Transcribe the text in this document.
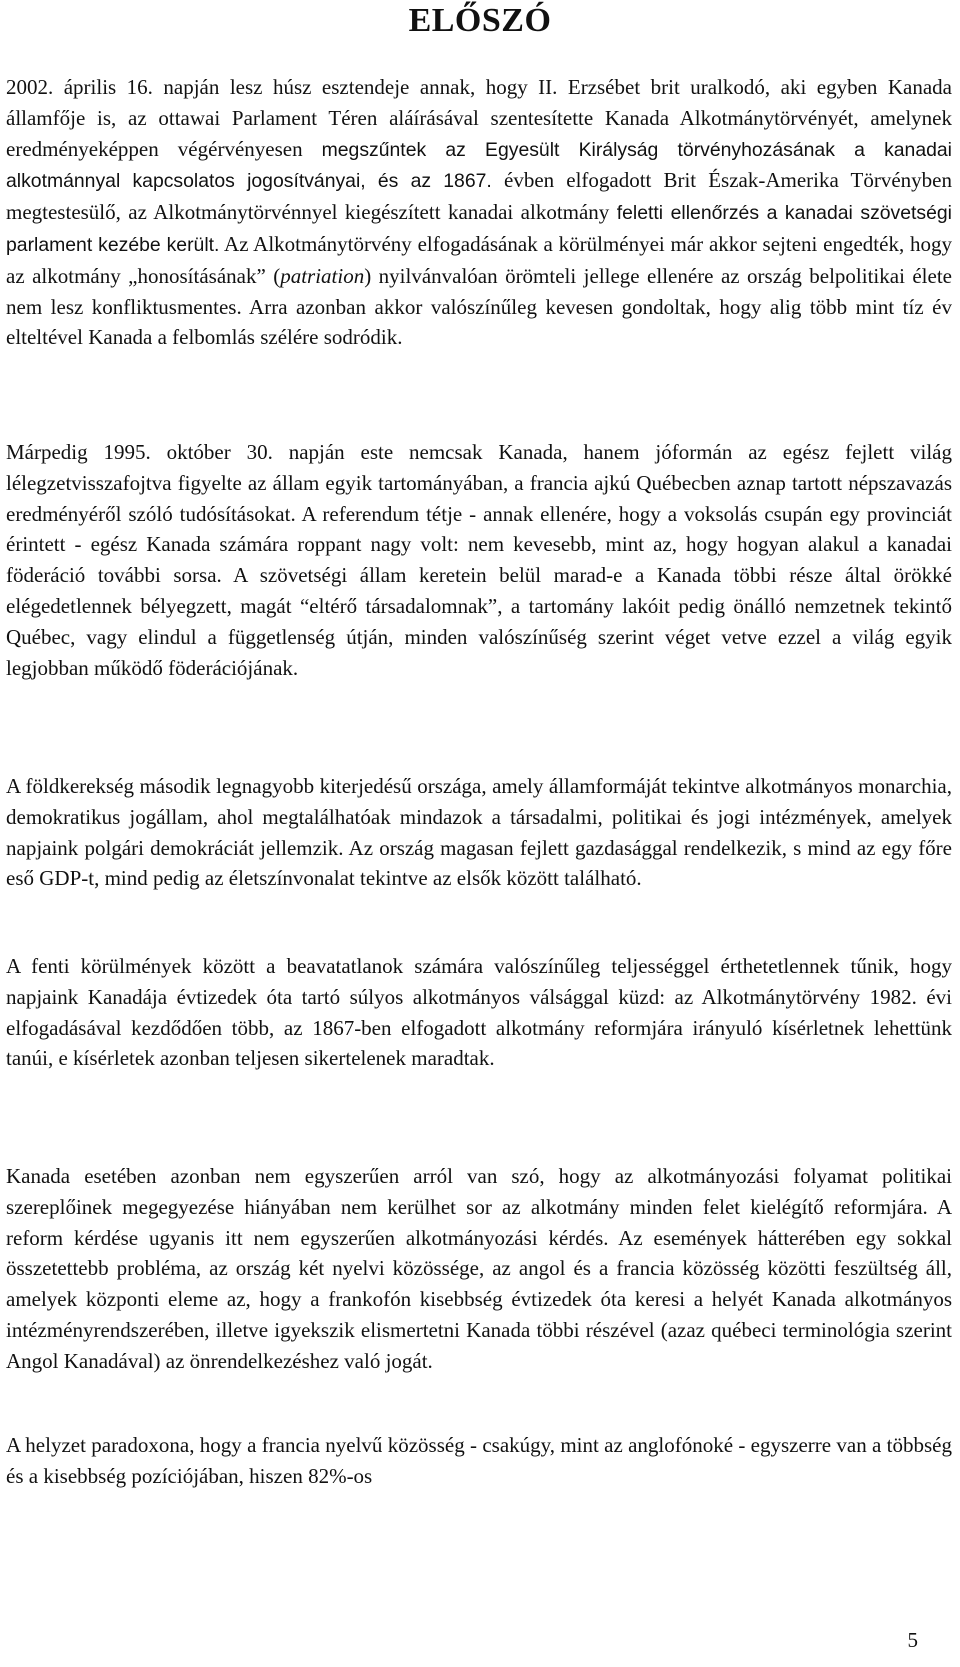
ELŐSZÓ

2002. április 16. napján lesz húsz esztendeje annak, hogy II. Erzsébet brit uralkodó, aki egyben Kanada államfője is, az ottawai Parlament Téren aláírásával szentesítette Kanada Alkotmánytörvényét, amelynek eredményeképpen végérvényesen megszűntek az Egyesült Királyság törvényhozásának a kanadai alkotmánnyal kapcsolatos jogosítványai, és az 1867. évben elfogadott Brit Észak-Amerika Törvényben megtestesülő, az Alkotmánytörvénnyel kiegészített kanadai alkotmány feletti ellenőrzés a kanadai szövetségi parlament kezébe került. Az Alkotmánytörvény elfogadásának a körülményei már akkor sejteni engedték, hogy az alkotmány „honosításának” (patriation) nyilvánvalóan örömteli jellege ellenére az ország belpolitikai élete nem lesz konfliktusmentes. Arra azonban akkor valószínűleg kevesen gondoltak, hogy alig több mint tíz év elteltével Kanada a felbomlás szélére sodródik.

Márpedig 1995. október 30. napján este nemcsak Kanada, hanem jóformán az egész fejlett világ lélegzetvisszafojtva figyelte az állam egyik tartományában, a francia ajkú Québecben aznap tartott népszavazás eredményéről szóló tudósításokat. A referendum tétje - annak ellenére, hogy a voksolás csupán egy provinciát érintett - egész Kanada számára roppant nagy volt: nem kevesebb, mint az, hogy hogyan alakul a kanadai föderáció további sorsa. A szövetségi állam keretein belül marad-e a Kanada többi része által örökké elégedetlennek bélyegzett, magát “eltérő társadalomnak”, a tartomány lakóit pedig önálló nemzetnek tekintő Québec, vagy elindul a függetlenség útján, minden valószínűség szerint véget vetve ezzel a világ egyik legjobban működő föderációjának.

A földkerekség második legnagyobb kiterjedésű országa, amely államformáját tekintve alkotmányos monarchia, demokratikus jogállam, ahol megtalálhatóak mindazok a társadalmi, politikai és jogi intézmények, amelyek napjaink polgári demokráciát jellemzik. Az ország magasan fejlett gazdasággal rendelkezik, s mind az egy főre eső GDP-t, mind pedig az életszínvonalat tekintve az elsők között található.

A fenti körülmények között a beavatatlanok számára valószínűleg teljességgel érthetetlennek tűnik, hogy napjaink Kanadája évtizedek óta tartó súlyos alkotmányos válsággal küzd: az Alkotmánytörvény 1982. évi elfogadásával kezdődően több, az 1867-ben elfogadott alkotmány reformjára irányuló kísérletnek lehettünk tanúi, e kísérletek azonban teljesen sikertelenek maradtak.

Kanada esetében azonban nem egyszerűen arról van szó, hogy az alkotmányozási folyamat politikai szereplőinek megegyezése hiányában nem kerülhet sor az alkotmány minden felet kielégítő reformjára. A reform kérdése ugyanis itt nem egyszerűen alkotmányozási kérdés. Az események hátterében egy sokkal összetettebb probléma, az ország két nyelvi közössége, az angol és a francia közösség közötti feszültség áll, amelyek központi eleme az, hogy a frankofón kisebbség évtizedek óta keresi a helyét Kanada alkotmányos intézményrendszerében, illetve igyekszik elismertetni Kanada többi részével (azaz québeci terminológia szerint Angol Kanadával) az önrendelkezéshez való jogát.

A helyzet paradoxona, hogy a francia nyelvű közösség - csakúgy, mint az anglofónoké - egyszerre van a többség és a kisebbség pozíciójában, hiszen 82%-os

5
